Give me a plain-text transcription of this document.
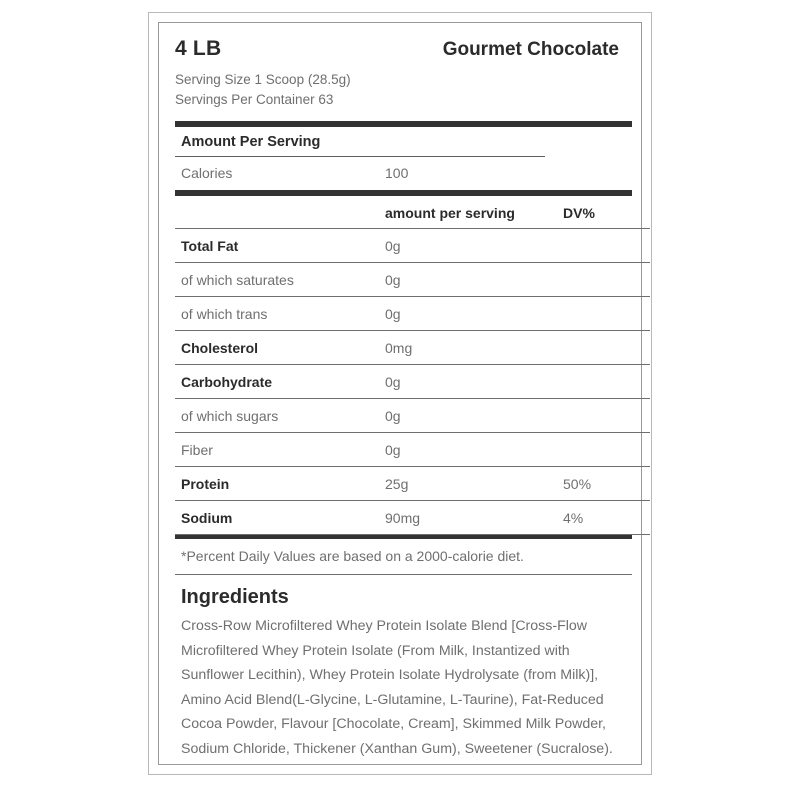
4 LB	Gourmet Chocolate
Serving Size 1 Scoop (28.5g)
Servings Per Container 63
Amount Per Serving
Calories	100	
	amount per serving	DV%
Total Fat	0g	
of which saturates	0g	
of which trans	0g	
Cholesterol	0mg	
Carbohydrate	0g	
of which sugars	0g	
Fiber	0g	
Protein	25g	50%
Sodium	90mg	4%
*Percent Daily Values are based on a 2000-calorie diet.
Ingredients
Cross-Row Microfiltered Whey Protein Isolate Blend [Cross-Flow Microfiltered Whey Protein Isolate (From Milk, Instantized with Sunflower Lecithin), Whey Protein Isolate Hydrolysate (from Milk)], Amino Acid Blend(L-Glycine, L-Glutamine, L-Taurine), Fat-Reduced Cocoa Powder, Flavour [Chocolate, Cream], Skimmed Milk Powder, Sodium Chloride, Thickener (Xanthan Gum), Sweetener (Sucralose).
